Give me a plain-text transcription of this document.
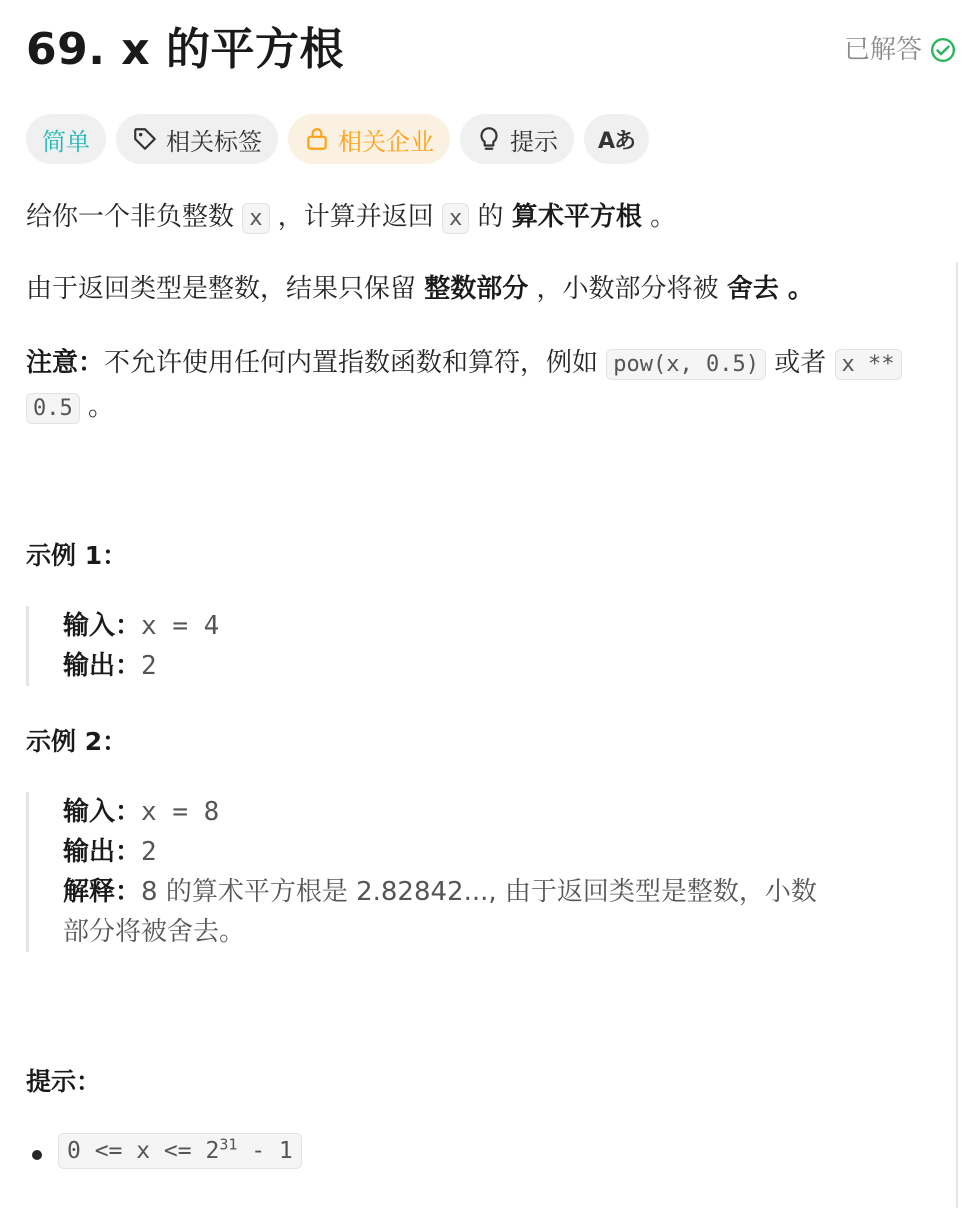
69. x 的平方根	已解答
简单	相关标签	相关企业	提示 Aあ
给你一个非负整数 x ，计算并返回 x 的 算术平方根 。
由于返回类型是整数，结果只保留 整数部分 ，小数部分将被 舍去 。
注意：不允许使用任何内置指数函数和算符，例如 pow(x, 0.5) 或者 x **
0.5 。
示例 1：
输入：x = 4
输出：2
示例 2：
输入：x = 8
输出：2
解释：8 的算术平方根是 2.82842..., 由于返回类型是整数，小数
部分将被舍去。
提示：
$0 <= x <= 2^{31} - 1$
